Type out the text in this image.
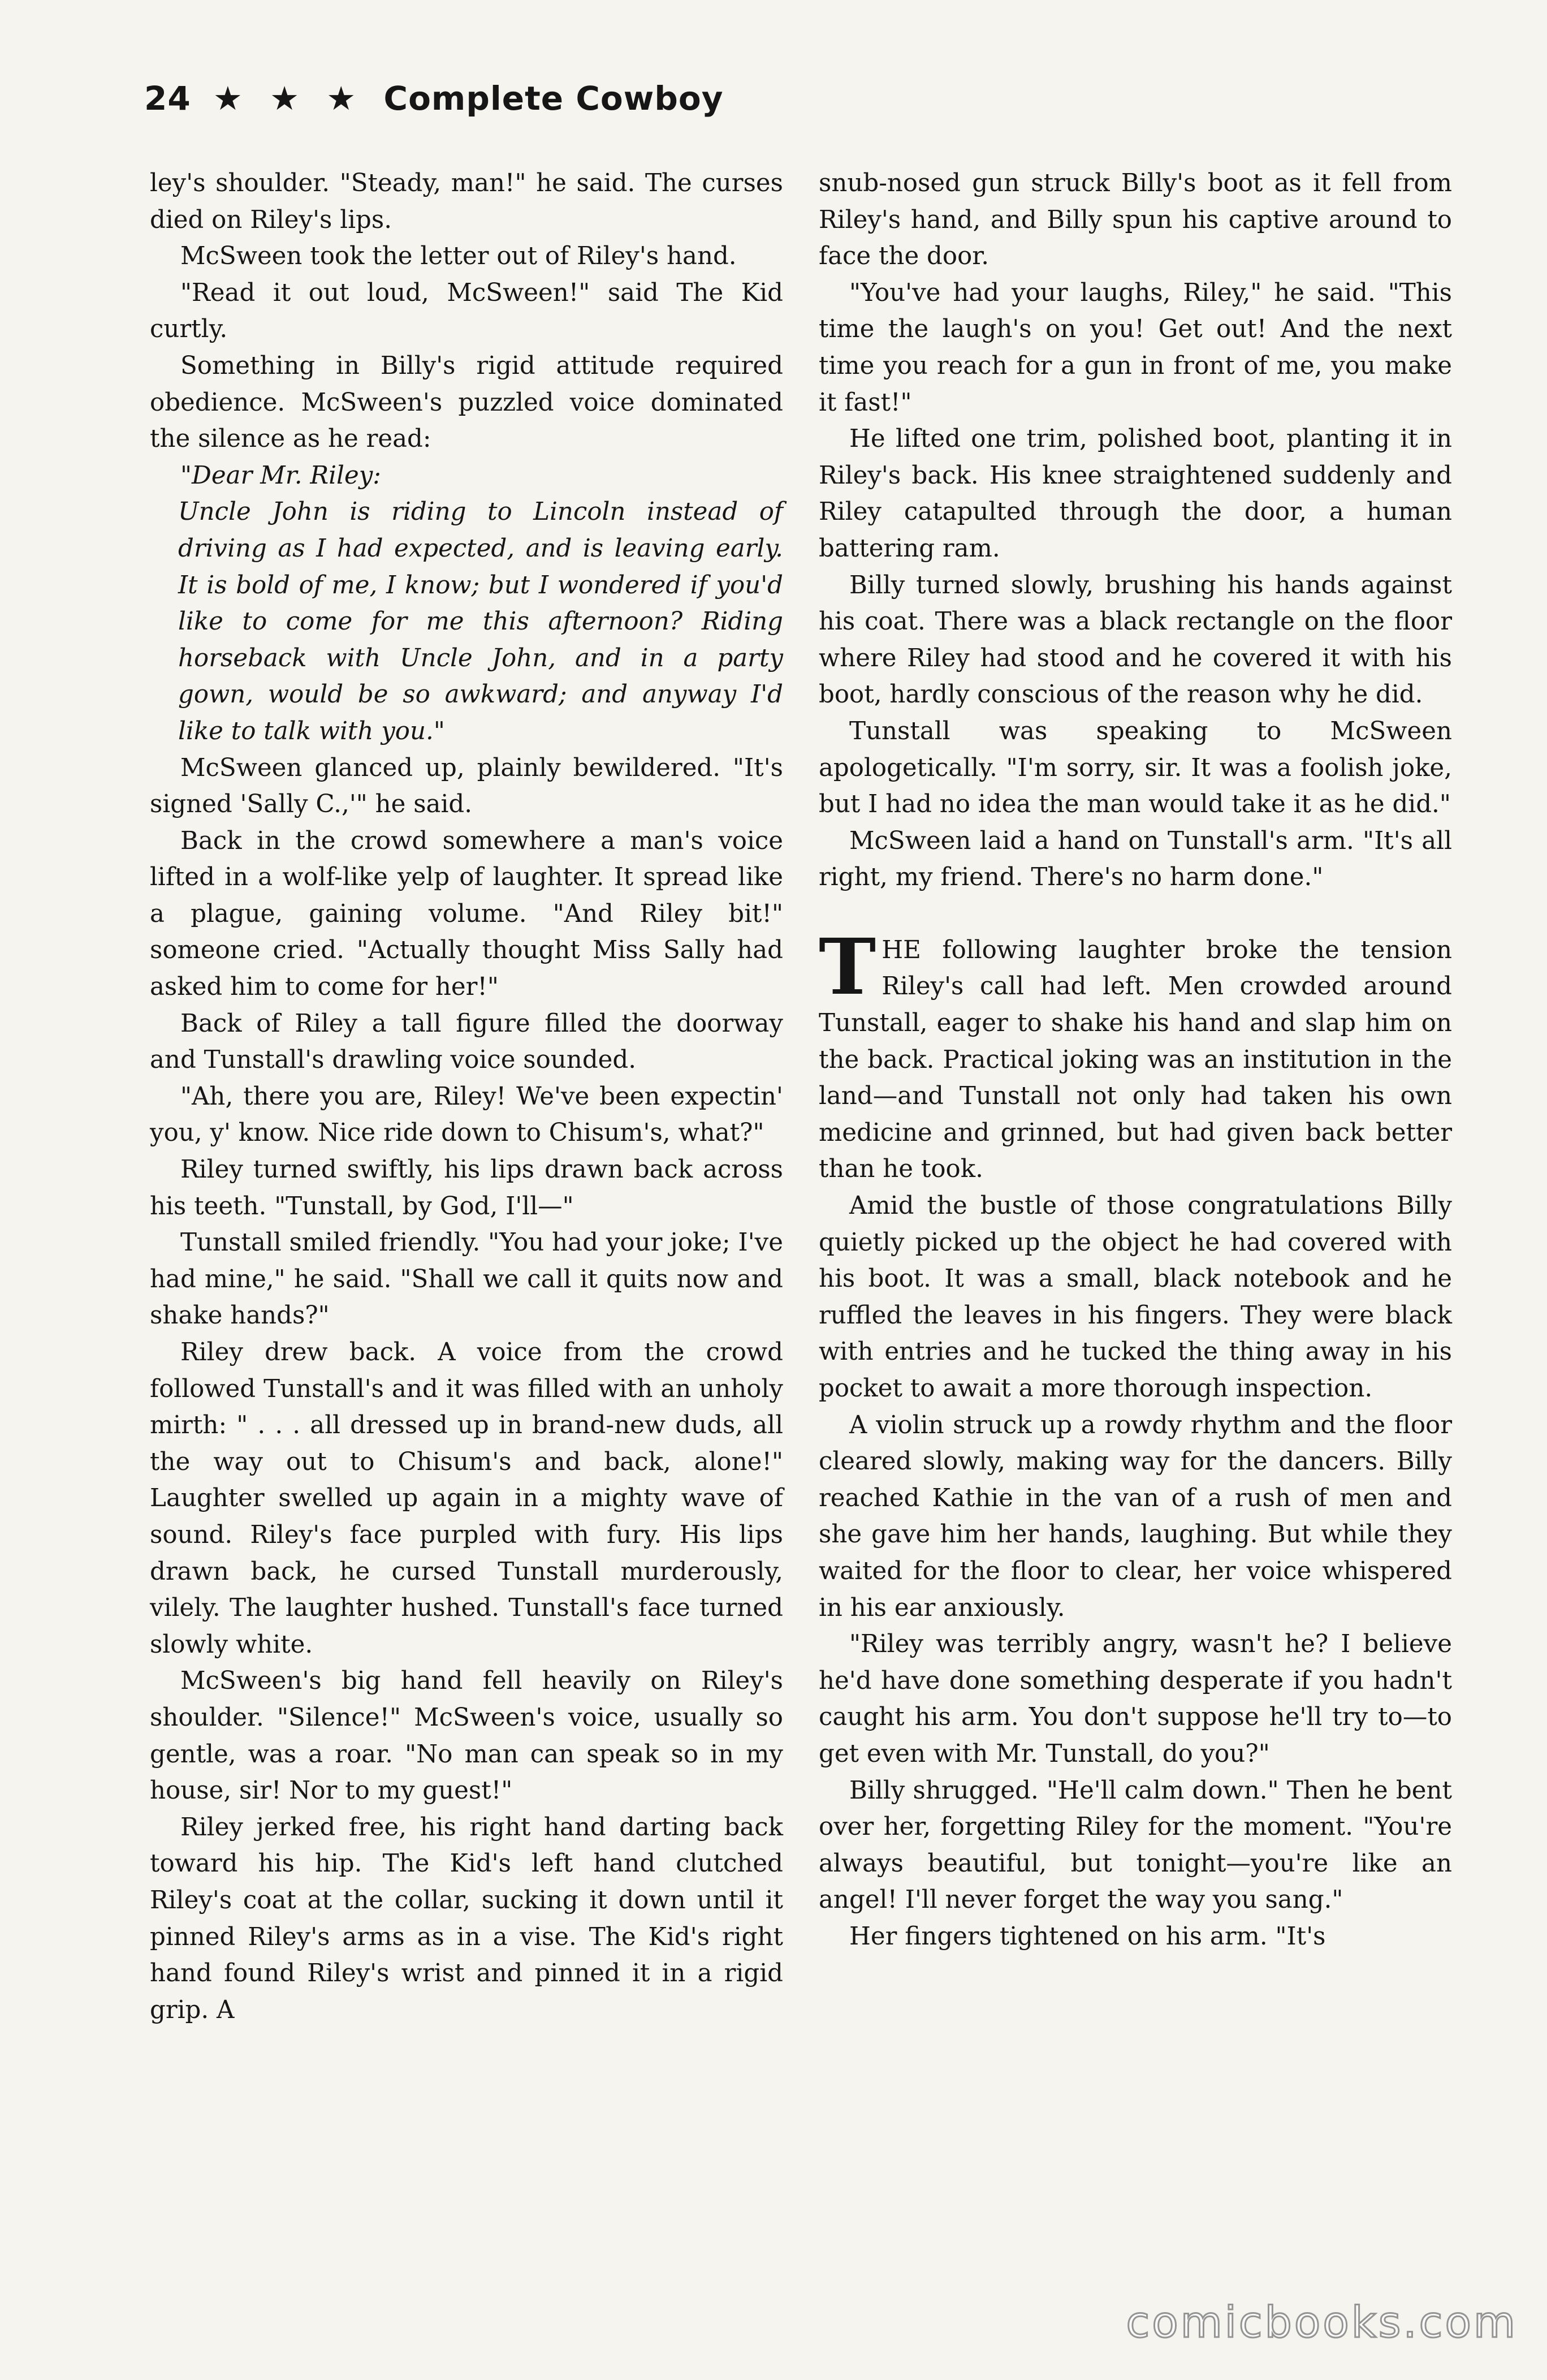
24 ★ ★ ★ Complete Cowboy

ley's shoulder. "Steady, man!" he said. The curses died on Riley's lips.

McSween took the letter out of Riley's hand.

"Read it out loud, McSween!" said The Kid curtly.

Something in Billy's rigid attitude required obedience. McSween's puzzled voice dominated the silence as he read:

"Dear Mr. Riley:

Uncle John is riding to Lincoln instead of driving as I had expected, and is leaving early. It is bold of me, I know; but I wondered if you'd like to come for me this afternoon? Riding horseback with Uncle John, and in a party gown, would be so awkward; and anyway I'd like to talk with you."

McSween glanced up, plainly bewildered. "It's signed 'Sally C.,'" he said.

Back in the crowd somewhere a man's voice lifted in a wolf-like yelp of laughter. It spread like a plague, gaining volume. "And Riley bit!" someone cried. "Actually thought Miss Sally had asked him to come for her!"

Back of Riley a tall figure filled the doorway and Tunstall's drawling voice sounded.

"Ah, there you are, Riley! We've been expectin' you, y' know. Nice ride down to Chisum's, what?"

Riley turned swiftly, his lips drawn back across his teeth. "Tunstall, by God, I'll—"

Tunstall smiled friendly. "You had your joke; I've had mine," he said. "Shall we call it quits now and shake hands?"

Riley drew back. A voice from the crowd followed Tunstall's and it was filled with an unholy mirth: " . . . all dressed up in brand-new duds, all the way out to Chisum's and back, alone!" Laughter swelled up again in a mighty wave of sound. Riley's face purpled with fury. His lips drawn back, he cursed Tunstall murderously, vilely. The laughter hushed. Tunstall's face turned slowly white.

McSween's big hand fell heavily on Riley's shoulder. "Silence!" McSween's voice, usually so gentle, was a roar. "No man can speak so in my house, sir! Nor to my guest!"

Riley jerked free, his right hand darting back toward his hip. The Kid's left hand clutched Riley's coat at the collar, sucking it down until it pinned Riley's arms as in a vise. The Kid's right hand found Riley's wrist and pinned it in a rigid grip. A

snub-nosed gun struck Billy's boot as it fell from Riley's hand, and Billy spun his captive around to face the door.

"You've had your laughs, Riley," he said. "This time the laugh's on you! Get out! And the next time you reach for a gun in front of me, you make it fast!"

He lifted one trim, polished boot, planting it in Riley's back. His knee straightened suddenly and Riley catapulted through the door, a human battering ram.

Billy turned slowly, brushing his hands against his coat. There was a black rectangle on the floor where Riley had stood and he covered it with his boot, hardly conscious of the reason why he did.

Tunstall was speaking to McSween apologetically. "I'm sorry, sir. It was a foolish joke, but I had no idea the man would take it as he did."

McSween laid a hand on Tunstall's arm. "It's all right, my friend. There's no harm done."

THE following laughter broke the tension Riley's call had left. Men crowded around Tunstall, eager to shake his hand and slap him on the back. Practical joking was an institution in the land—and Tunstall not only had taken his own medicine and grinned, but had given back better than he took.

Amid the bustle of those congratulations Billy quietly picked up the object he had covered with his boot. It was a small, black notebook and he ruffled the leaves in his fingers. They were black with entries and he tucked the thing away in his pocket to await a more thorough inspection.

A violin struck up a rowdy rhythm and the floor cleared slowly, making way for the dancers. Billy reached Kathie in the van of a rush of men and she gave him her hands, laughing. But while they waited for the floor to clear, her voice whispered in his ear anxiously.

"Riley was terribly angry, wasn't he? I believe he'd have done something desperate if you hadn't caught his arm. You don't suppose he'll try to—to get even with Mr. Tunstall, do you?"

Billy shrugged. "He'll calm down." Then he bent over her, forgetting Riley for the moment. "You're always beautiful, but tonight—you're like an angel! I'll never forget the way you sang."

Her fingers tightened on his arm. "It's

comicbooks.com
